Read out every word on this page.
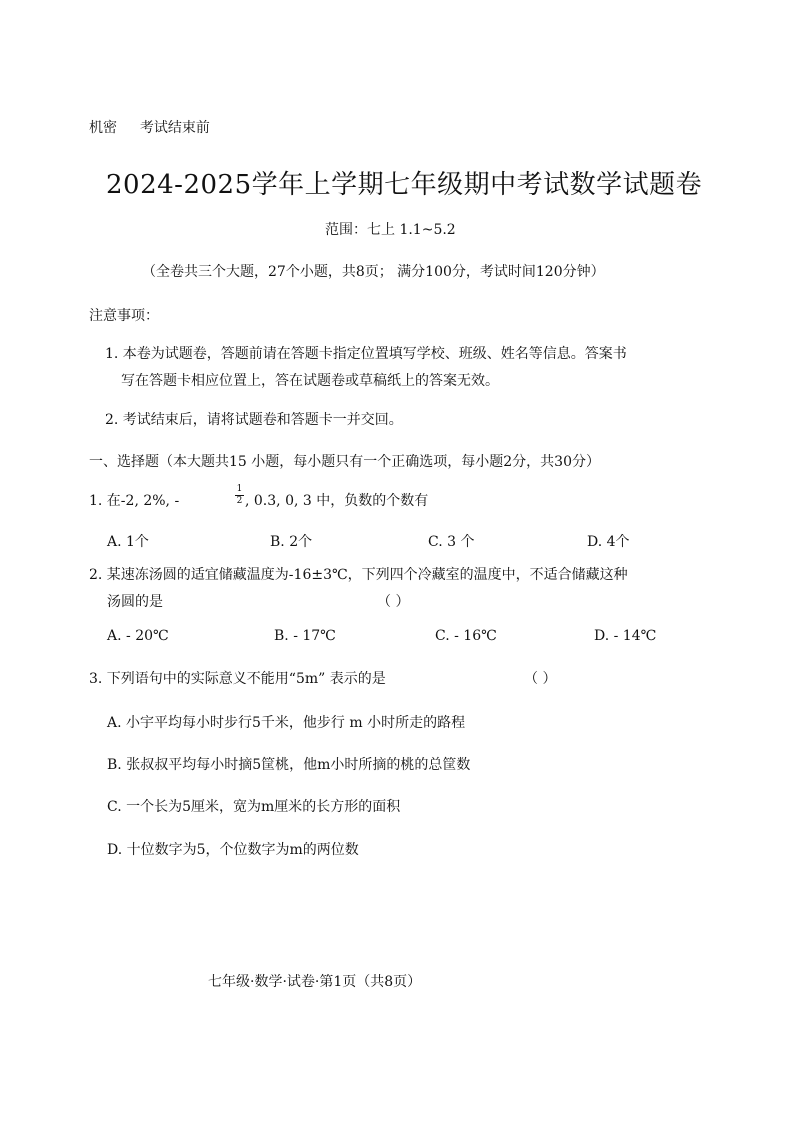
机密 考试结束前
2024-2025学年上学期七年级期中考试数学试题卷
范围：七上 1.1~5.2
（全卷共三个大题，27个小题，共8页； 满分100分，考试时间120分钟）
注意事项：
1. 本卷为试题卷，答题前请在答题卡指定位置填写学校、班级、姓名等信息。答案书
写在答题卡相应位置上，答在试题卷或草稿纸上的答案无效。
2. 考试结束后，请将试题卷和答题卡一并交回。
一、选择题（本大题共15 小题，每小题只有一个正确选项，每小题2分，共30分）
1. 在-2, 2%, -
1
2 , 0.3, 0, 3 中，负数的个数有
A. 1个	B. 2个	C. 3 个	D. 4个
2. 某速冻汤圆的适宜储藏温度为-16±3℃，下列四个冷藏室的温度中，不适合储藏这种
汤圆的是	（ ）
A. - 20℃	B. - 17℃	C. - 16℃	D. - 14℃
3. 下列语句中的实际意义不能用“5m” 表示的是	（ ）
A. 小宇平均每小时步行5千米，他步行 m 小时所走的路程
B. 张叔叔平均每小时摘5筐桃，他m小时所摘的桃的总筐数
C. 一个长为5厘米，宽为m厘米的长方形的面积
D. 十位数字为5，个位数字为m的两位数
七年级·数学·试卷·第1页（共8页）
